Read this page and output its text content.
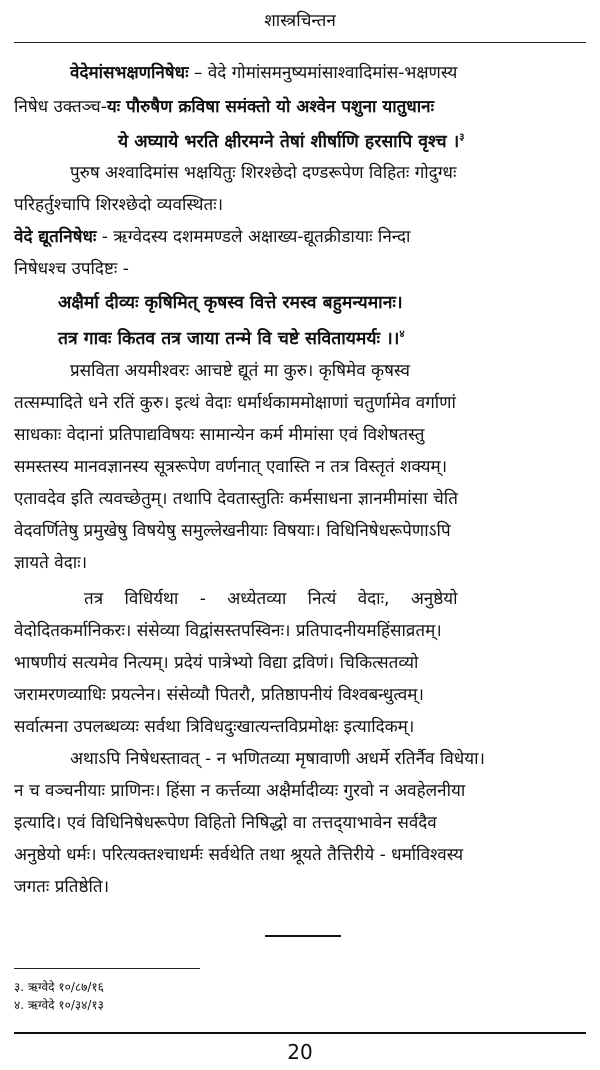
शास्त्रचिन्तन
वेदेमांसभक्षणनिषेधः – वेदे गोमांसमनुष्यमांसाश्वादिमांस-भक्षणस्य
निषेध उक्तञ्च-यः पौरुषैण क्रविषा समंक्तो यो अश्वेन पशुना यातुधानः
ये अघ्याये भरति क्षीरमग्ने तेषां शीर्षाणि हरसापि वृश्च ।$^३$
पुरुष अश्वादिमांस भक्षयितुः शिरश्छेदो दण्डरूपेण विहितः गोदुग्धः
परिहर्तुश्चापि शिरश्छेदो व्यवस्थितः।
वेदे द्यूतनिषेधः - ऋग्वेदस्य दशममण्डले अक्षाख्य-द्यूतक्रीडायाः निन्दा
निषेधश्च उपदिष्टः -
अक्षैर्मा दीव्यः कृषिमित् कृषस्व वित्ते रमस्व बहुमन्यमानः।
तत्र गावः कितव तत्र जाया तन्मे वि चष्टे सवितायमर्यः ।।$^४$
प्रसविता अयमीश्वरः आचष्टे द्यूतं मा कुरु। कृषिमेव कृषस्व
तत्सम्पादिते धने रतिं कुरु। इत्थं वेदाः धर्मार्थकाममोक्षाणां चतुर्णामेव वर्गाणां
साधकाः वेदानां प्रतिपाद्यविषयः सामान्येन कर्म मीमांसा एवं विशेषतस्तु
समस्तस्य मानवज्ञानस्य सूत्ररूपेण वर्णनात् एवास्ति न तत्र विस्तृतं शक्यम्।
एतावदेव इति त्यवच्छेतुम्। तथापि देवतास्तुतिः कर्मसाधना ज्ञानमीमांसा चेति
वेदवर्णितेषु प्रमुखेषु विषयेषु समुल्लेखनीयाः विषयाः। विधिनिषेधरूपेणाऽपि
ज्ञायते वेदाः।
तत्र विधिर्यथा - अध्येतव्या नित्यं वेदाः, अनुष्ठेयो
वेदोदितकर्मानिकरः। संसेव्या विद्वांसस्तपस्विनः। प्रतिपादनीयमहिंसाव्रतम्।
भाषणीयं सत्यमेव नित्यम्। प्रदेयं पात्रेभ्यो विद्या द्रविणं। चिकित्सतव्यो
जरामरणव्याधिः प्रयत्नेन। संसेव्यौ पितरौ, प्रतिष्ठापनीयं विश्वबन्धुत्वम्।
सर्वात्मना उपलब्धव्यः सर्वथा त्रिविधदुःखात्यन्तविप्रमोक्षः इत्यादिकम्।
अथाऽपि निषेधस्तावत् - न भणितव्या मृषावाणी अधर्मे रतिर्नैव विधेया।
न च वञ्चनीयाः प्राणिनः। हिंसा न कर्त्तव्या अक्षैर्मादीव्यः गुरवो न अवहेलनीया
इत्यादि। एवं विधिनिषेधरूपेण विहितो निषिद्धो वा तत्तद्‌याभावेन सर्वदैव
अनुष्ठेयो धर्मः। परित्यक्तश्चाधर्मः सर्वथेति तथा श्रूयते तैत्तिरीये - धर्माविश्वस्य
जगतः प्रतिष्ठेति।
३. ऋग्वेदे १०/८७/१६
४. ऋग्वेदे १०/३४/१३
20
